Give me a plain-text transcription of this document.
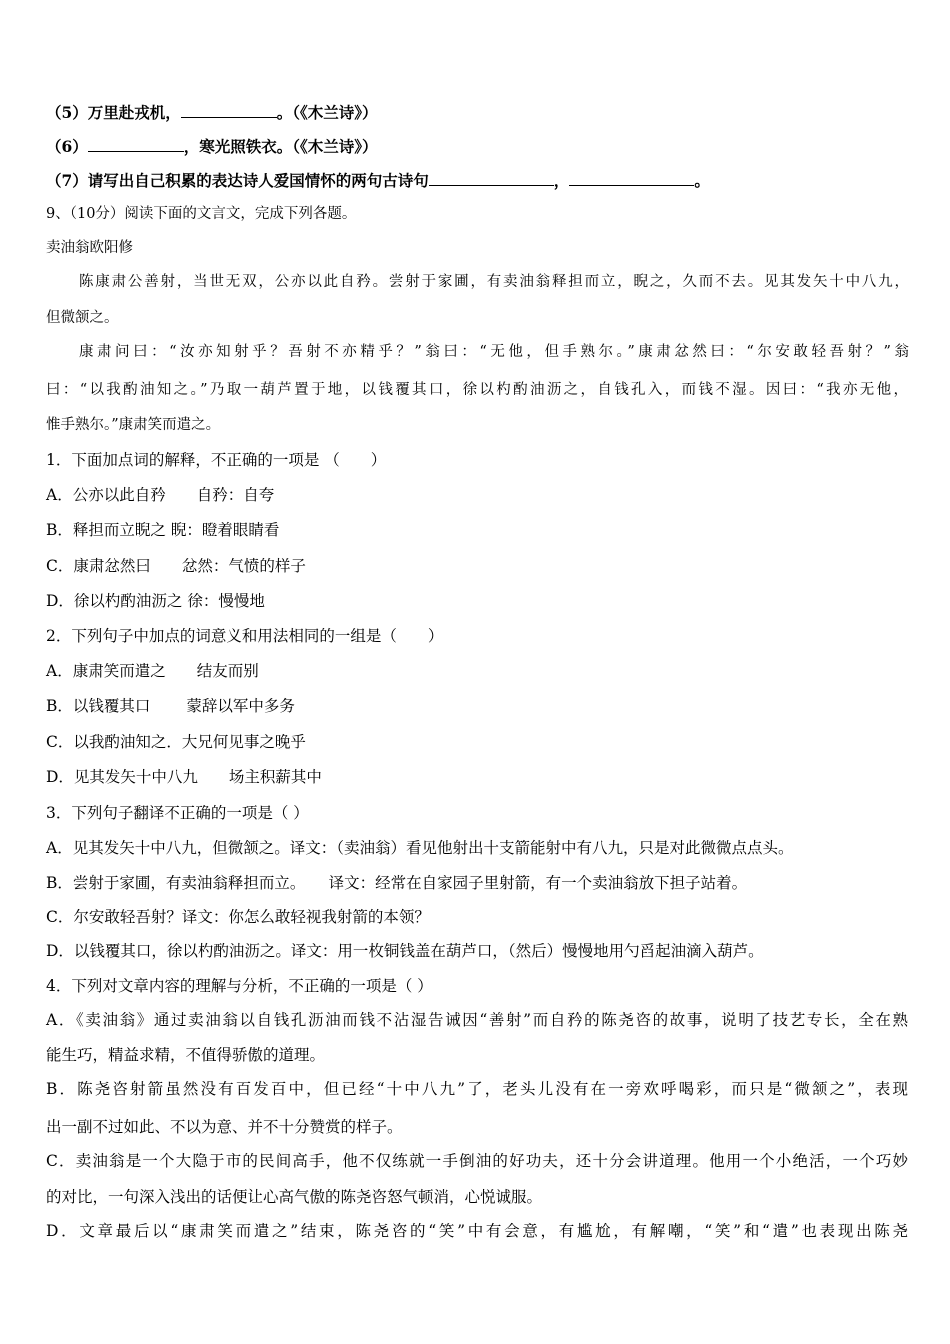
（5）万里赴戎机，	。（《木兰诗》）
（6）	，寒光照铁衣。（《木兰诗》）
（7）请写出自己积累的表达诗人爱国情怀的两句古诗句	，	。
9、（10分）阅读下面的文言文，完成下列各题。
卖油翁欧阳修
陈康肃公善射，当世无双，公亦以此自矜。尝射于家圃，有卖油翁释担而立，睨之，久而不去。见其发矢十中八九，
但微颔之。
康肃问曰：“汝亦知射乎？吾射不亦精乎？”翁曰：“无他，但手熟尔。”康肃忿然曰：“尔安敢轻吾射？”翁
曰：“以我酌油知之。”乃取一葫芦置于地，以钱覆其口，徐以杓酌油沥之，自钱孔入，而钱不湿。因曰：“我亦无他，
惟手熟尔。”康肃笑而遣之。
1．下面加点词的解释，不正确的一项是 （　　）
A．公亦以此自矜　　自矜：自夸
B．释担而立睨之 睨：瞪着眼睛看
C．康肃忿然曰　　忿然：气愤的样子
D．徐以杓酌油沥之 徐：慢慢地
2．下列句子中加点的词意义和用法相同的一组是（　　）
A．康肃笑而遣之　　结友而别
B．以钱覆其口　　 蒙辞以军中多务
C．以我酌油知之．大兄何见事之晚乎
D．见其发矢十中八九　　场主积薪其中
3．下列句子翻译不正确的一项是（ ）
A．见其发矢十中八九，但微颔之。译文：（卖油翁）看见他射出十支箭能射中有八九，只是对此微微点点头。
B．尝射于家圃，有卖油翁释担而立。　　译文：经常在自家园子里射箭，有一个卖油翁放下担子站着。
C．尔安敢轻吾射？译文：你怎么敢轻视我射箭的本领？
D．以钱覆其口，徐以杓酌油沥之。译文：用一枚铜钱盖在葫芦口，（然后）慢慢地用勺舀起油滴入葫芦。
4．下列对文章内容的理解与分析，不正确的一项是（ ）
A．《卖油翁》通过卖油翁以自钱孔沥油而钱不沾湿告诫因“善射”而自矜的陈尧咨的故事，说明了技艺专长，全在熟
能生巧，精益求精，不值得骄傲的道理。
B．陈尧咨射箭虽然没有百发百中，但已经“十中八九”了，老头儿没有在一旁欢呼喝彩，而只是“微颔之”，表现
出一副不过如此、不以为意、并不十分赞赏的样子。
C．卖油翁是一个大隐于市的民间高手，他不仅练就一手倒油的好功夫，还十分会讲道理。他用一个小绝活，一个巧妙
的对比，一句深入浅出的话便让心高气傲的陈尧咨怒气顿消，心悦诚服。
D．文章最后以“康肃笑而遣之”结束，陈尧咨的“笑”中有会意，有尴尬，有解嘲，“笑”和“遣”也表现出陈尧
